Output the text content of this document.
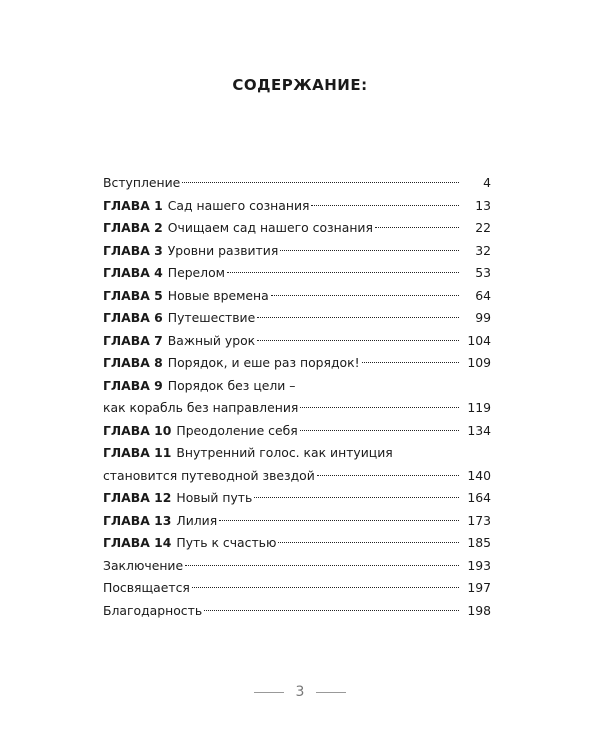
СОДЕРЖАНИЕ:
Вступление	4
ГЛАВА 1 Сад нашего сознания	13
ГЛАВА 2 Очищаем сад нашего сознания	22
ГЛАВА 3 Уровни развития	32
ГЛАВА 4 Перелом	53
ГЛАВА 5 Новые времена	64
ГЛАВА 6 Путешествие	99
ГЛАВА 7 Важный урок	104
ГЛАВА 8 Порядок, и еше раз порядок!	109
ГЛАВА 9 Порядок без цели –
как корабль без направления	119
ГЛАВА 10 Преодоление себя	134
ГЛАВА 11 Внутренний голос. как интуиция
становится путеводной звездой	140
ГЛАВА 12 Новый путь	164
ГЛАВА 13 Лилия	173
ГЛАВА 14 Путь к счастью	185
Заключение	193
Посвящается	197
Благодарность	198
3
